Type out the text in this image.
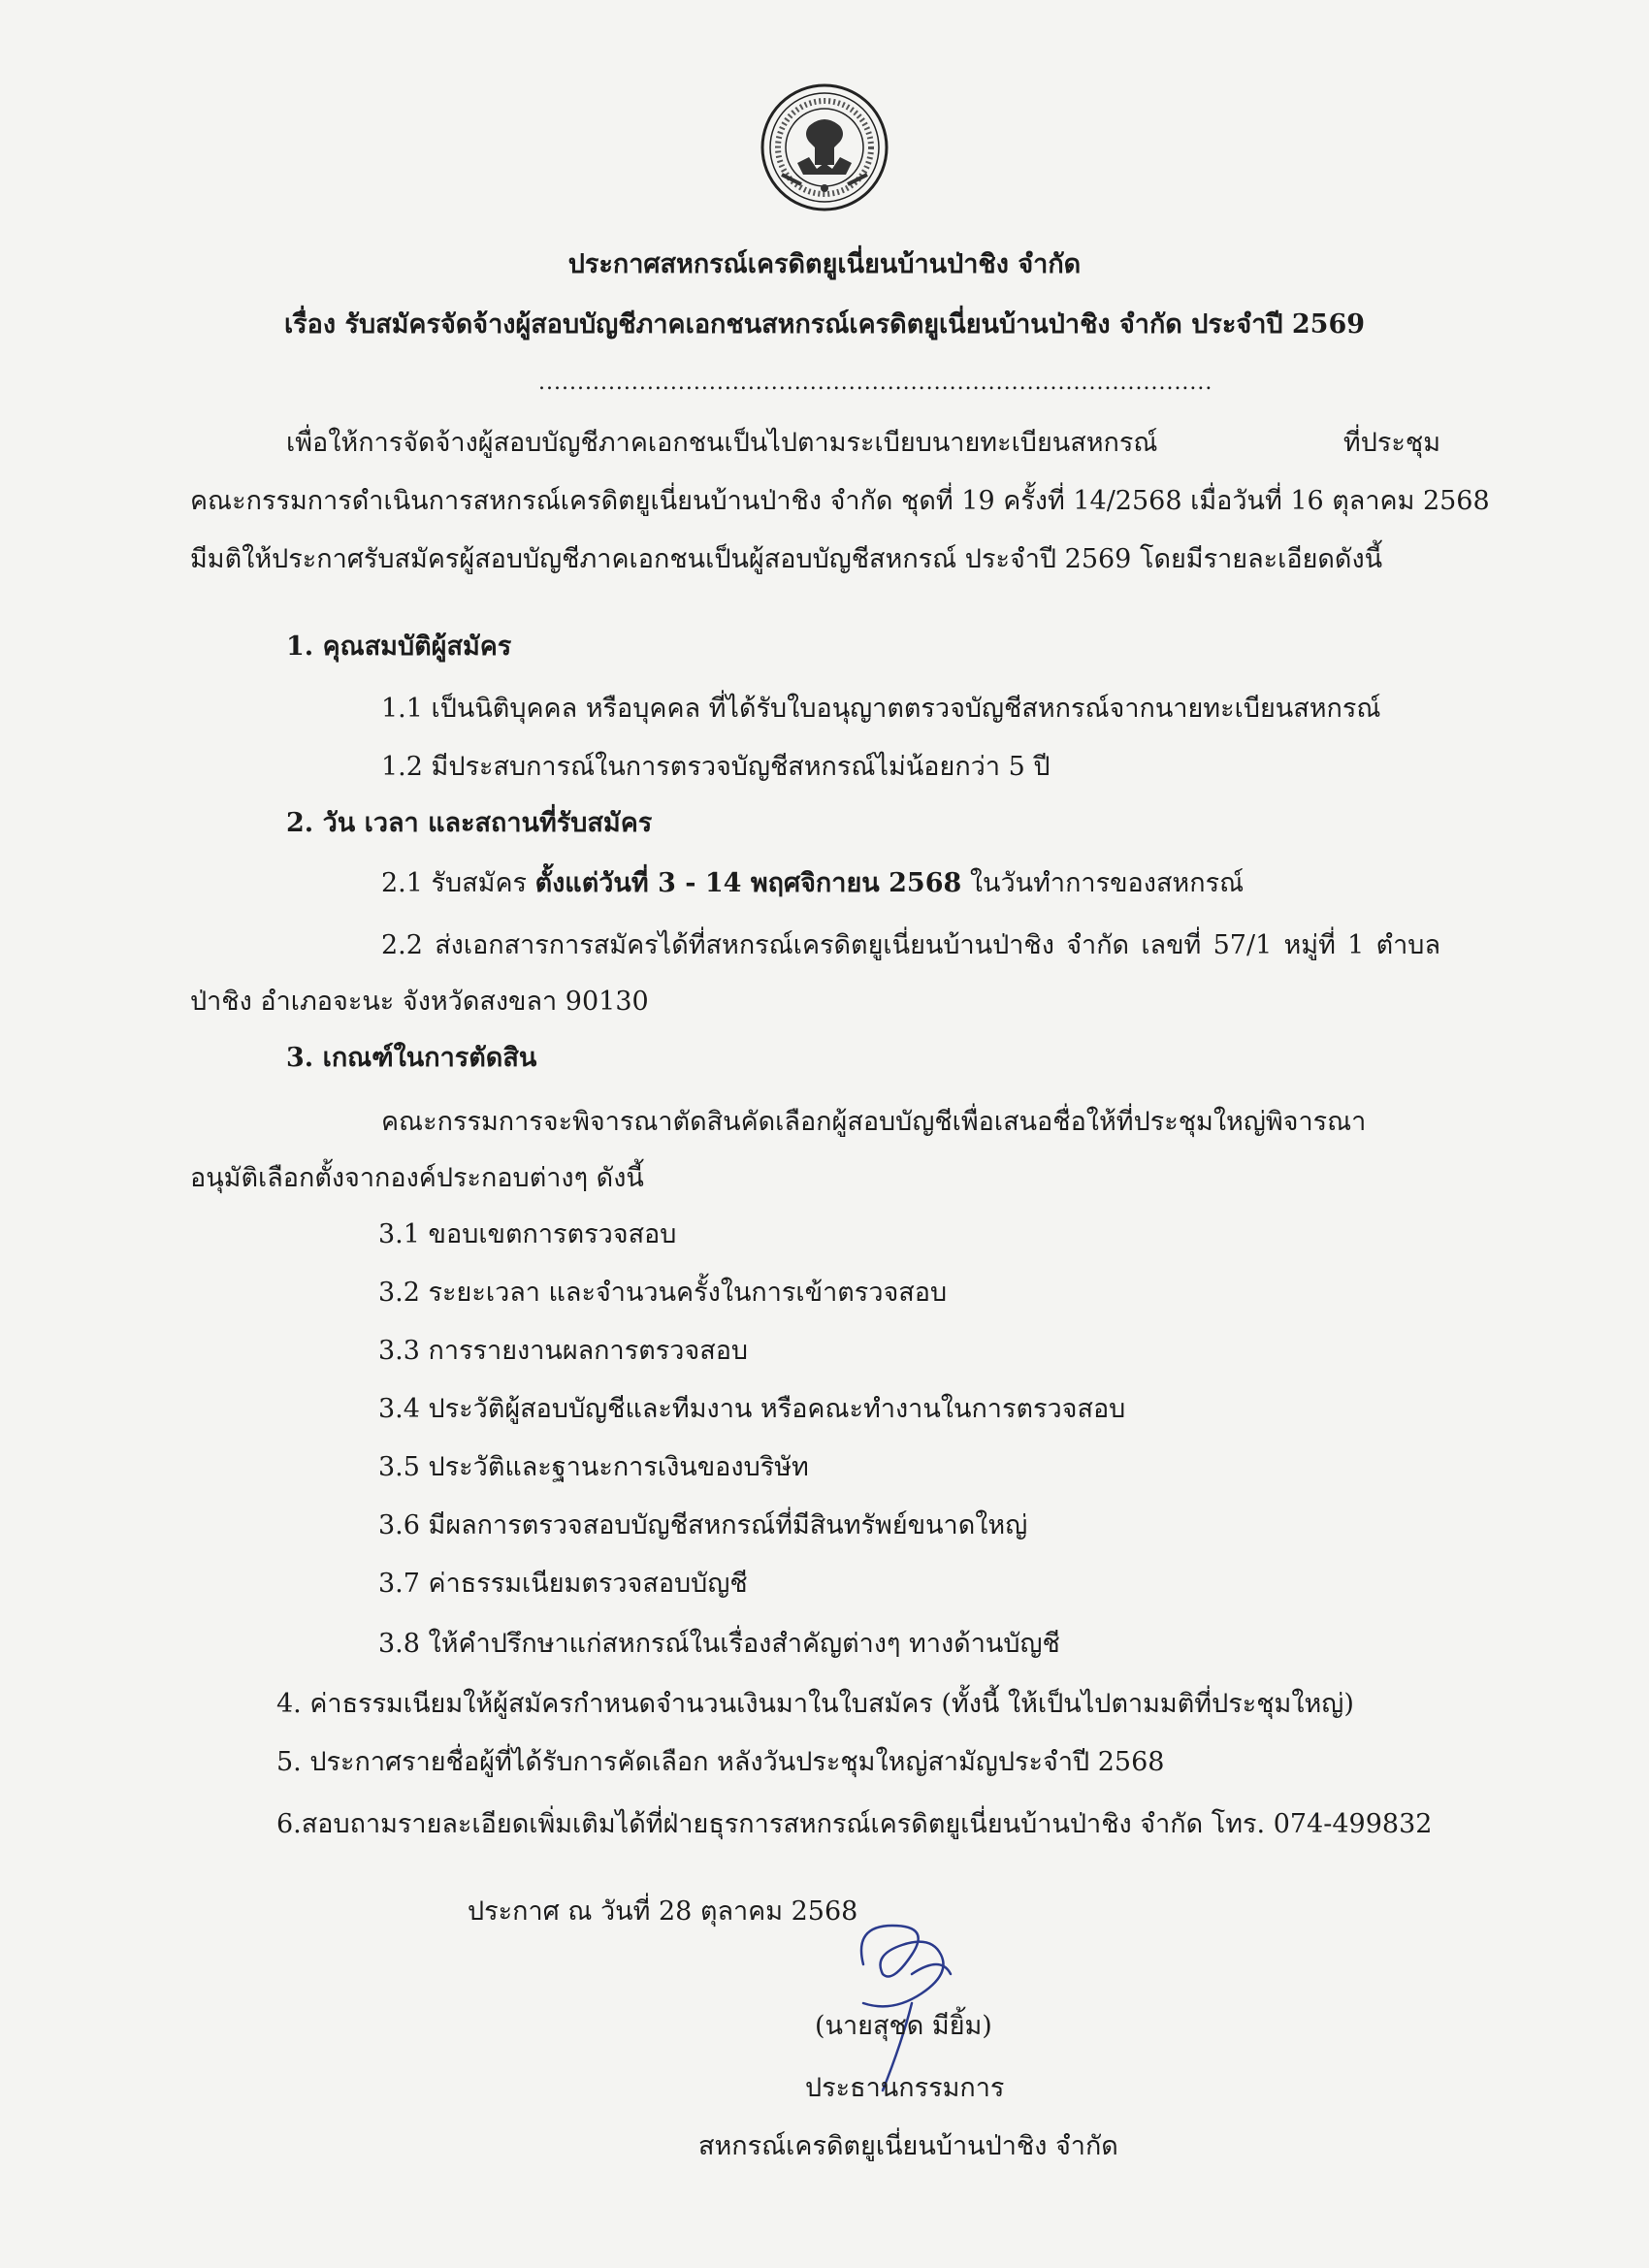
ประกาศสหกรณ์เครดิตยูเนี่ยนบ้านป่าชิง จำกัด
เรื่อง รับสมัครจัดจ้างผู้สอบบัญชีภาคเอกชนสหกรณ์เครดิตยูเนี่ยนบ้านป่าชิง จำกัด ประจำปี 2569
.......................................................................................
เพื่อให้การจัดจ้างผู้สอบบัญชีภาคเอกชนเป็นไปตามระเบียบนายทะเบียนสหกรณ์ ที่ประชุม
คณะกรรมการดำเนินการสหกรณ์เครดิตยูเนี่ยนบ้านป่าชิง จำกัด ชุดที่ 19 ครั้งที่ 14/2568 เมื่อวันที่ 16 ตุลาคม 2568
มีมติให้ประกาศรับสมัครผู้สอบบัญชีภาคเอกชนเป็นผู้สอบบัญชีสหกรณ์ ประจำปี 2569 โดยมีรายละเอียดดังนี้
1. คุณสมบัติผู้สมัคร
1.1 เป็นนิติบุคคล หรือบุคคล ที่ได้รับใบอนุญาตตรวจบัญชีสหกรณ์จากนายทะเบียนสหกรณ์
1.2 มีประสบการณ์ในการตรวจบัญชีสหกรณ์ไม่น้อยกว่า 5 ปี
2. วัน เวลา และสถานที่รับสมัคร
2.1 รับสมัคร ตั้งแต่วันที่ 3 - 14 พฤศจิกายน 2568 ในวันทำการของสหกรณ์
2.2 ส่งเอกสารการสมัครได้ที่สหกรณ์เครดิตยูเนี่ยนบ้านป่าชิง จำกัด เลขที่ 57/1 หมู่ที่ 1 ตำบล
ป่าชิง อำเภอจะนะ จังหวัดสงขลา 90130
3. เกณฑ์ในการตัดสิน
คณะกรรมการจะพิจารณาตัดสินคัดเลือกผู้สอบบัญชีเพื่อเสนอชื่อให้ที่ประชุมใหญ่พิจารณา
อนุมัติเลือกตั้งจากองค์ประกอบต่างๆ ดังนี้
3.1 ขอบเขตการตรวจสอบ
3.2 ระยะเวลา และจำนวนครั้งในการเข้าตรวจสอบ
3.3 การรายงานผลการตรวจสอบ
3.4 ประวัติผู้สอบบัญชีและทีมงาน หรือคณะทำงานในการตรวจสอบ
3.5 ประวัติและฐานะการเงินของบริษัท
3.6 มีผลการตรวจสอบบัญชีสหกรณ์ที่มีสินทรัพย์ขนาดใหญ่
3.7 ค่าธรรมเนียมตรวจสอบบัญชี
3.8 ให้คำปรึกษาแก่สหกรณ์ในเรื่องสำคัญต่างๆ ทางด้านบัญชี
4. ค่าธรรมเนียมให้ผู้สมัครกำหนดจำนวนเงินมาในใบสมัคร (ทั้งนี้ ให้เป็นไปตามมติที่ประชุมใหญ่)
5. ประกาศรายชื่อผู้ที่ได้รับการคัดเลือก หลังวันประชุมใหญ่สามัญประจำปี 2568
6.สอบถามรายละเอียดเพิ่มเติมได้ที่ฝ่ายธุรการสหกรณ์เครดิตยูเนี่ยนบ้านป่าชิง จำกัด โทร. 074-499832
ประกาศ ณ วันที่ 28 ตุลาคม 2568
(นายสุชด มียิ้ม)
ประธานกรรมการ
สหกรณ์เครดิตยูเนี่ยนบ้านป่าชิง จำกัด
